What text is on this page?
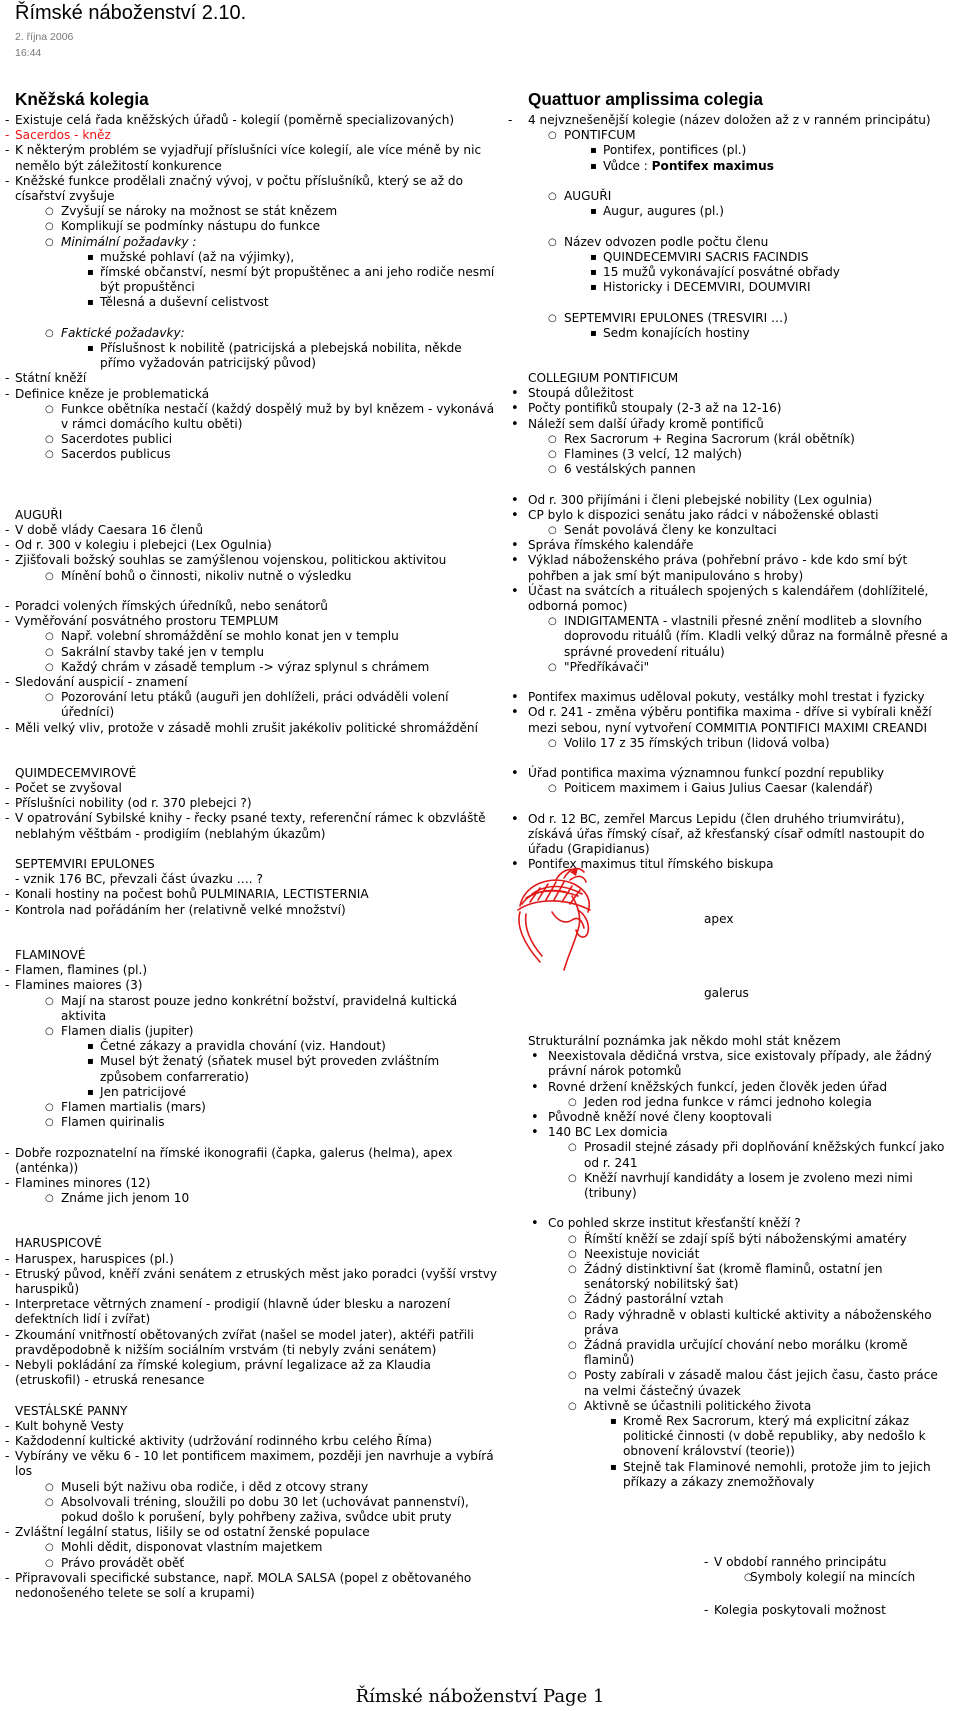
Římské náboženství 2.10.
2. října 2006
16:44
Kněžská kolegia
- Existuje celá řada kněžských úřadů - kolegií (poměrně specializovaných)
- Sacerdos - kněz
- K některým problém se vyjadřují příslušníci více kolegií, ale více méně by nic nemělo být záležitostí konkurence
- Kněžské funkce prodělali značný vývoj, v počtu příslušníků, který se až do císařství zvyšuje
○ Zvyšují se nároky na možnost se stát knězem
○ Komplikují se podmínky nástupu do funkce
○ Minimální požadavky :
▪ mužské pohlaví (až na výjimky),
▪ římské občanství, nesmí být propuštěnec a ani jeho rodiče nesmí být propuštěnci
▪ Tělesná a duševní celistvost
○ Faktické požadavky:
▪ Příslušnost k nobilitě (patricijská a plebejská nobilita, někde přímo vyžadován patricijský původ)
- Státní kněží
- Definice kněze je problematická
○ Funkce obětníka nestačí (každý dospělý muž by byl knězem - vykonává v rámci domácího kultu oběti)
○ Sacerdotes publici
○ Sacerdos publicus
AUGUŘI
- V době vlády Caesara 16 členů
- Od r. 300 v kolegiu i plebejci (Lex Ogulnia)
- Zjišťovali božský souhlas se zamýšlenou vojenskou, politickou aktivitou
○ Mínění bohů o činnosti, nikoliv nutně o výsledku
- Poradci volených římských úředníků, nebo senátorů
- Vyměřování posvátného prostoru TEMPLUM
○ Např. volební shromáždění se mohlo konat jen v templu
○ Sakrální stavby také jen v templu
○ Každý chrám v zásadě templum -> výraz splynul s chrámem
- Sledování auspicií - znamení
○ Pozorování letu ptáků (auguři jen dohlíželi, práci odváděli volení úředníci)
- Měli velký vliv, protože v zásadě mohli zrušit jakékoliv politické shromáždění
QUIMDECEMVIROVÉ
- Počet se zvyšoval
- Příslušníci nobility (od r. 370 plebejci ?)
- V opatrování Sybilské knihy - řecky psané texty, referenční rámec k obzvláště neblahým věštbám - prodigiím (neblahým úkazům)
SEPTEMVIRI EPULONES
- vznik 176 BC, převzali část úvazku …. ?
- Konali hostiny na počest bohů PULMINARIA, LECTISTERNIA
- Kontrola nad pořádáním her (relativně velké množství)
FLAMINOVÉ
- Flamen, flamines (pl.)
- Flamines maiores (3)
○ Mají na starost pouze jedno konkrétní božství, pravidelná kultická aktivita
○ Flamen dialis (jupiter)
▪ Četné zákazy a pravidla chování (viz. Handout)
▪ Musel být ženatý (sňatek musel být proveden zvláštním způsobem confarreratio)
▪ Jen patricijové
○ Flamen martialis (mars)
○ Flamen quirinalis
- Dobře rozpoznatelní na římské ikonografii (čapka, galerus (helma), apex (anténka))
- Flamines minores (12)
○ Známe jich jenom 10
HARUSPICOVÉ
- Haruspex, haruspices (pl.)
- Etruský původ, kněří zváni senátem z etruských měst jako poradci (vyšší vrstvy haruspiků)
- Interpretace větrných znamení - prodigií (hlavně úder blesku a narození defektních lidí i zvířat)
- Zkoumání vnitřností obětovaných zvířat (našel se model jater), aktéři patřili pravděpodobně k nižším sociálním vrstvám (ti nebyly zváni senátem)
- Nebyli pokládání za římské kolegium, právní legalizace až za Klaudia (etruskofil) - etruská renesance
VESTÁLSKÉ PANNY
- Kult bohyně Vesty
- Každodenní kultické aktivity (udržování rodinného krbu celého Říma)
- Vybírány ve věku 6 - 10 let pontificem maximem, později jen navrhuje a vybírá los
○ Museli být naživu oba rodiče, i děd z otcovy strany
○ Absolvovali tréning, sloužili po dobu 30 let (uchovávat pannenství), pokud došlo k porušení, byly pohřbeny zaživa, svůdce ubit pruty
- Zvláštní legální status, lišily se od ostatní ženské populace
○ Mohli dědit, disponovat vlastním majetkem
○ Právo provádět oběť
- Připravovali specifické substance, např. MOLA SALSA (popel z obětovaného nedonošeného telete se solí a krupami)
Quattuor amplissima colegia
- 4 nejvznešenější kolegie (název doložen až z v ranném principátu)
○ PONTIFCUM
▪ Pontifex, pontifices (pl.)
▪ Vůdce : Pontifex maximus
○ AUGUŘI
▪ Augur, augures (pl.)
○ Název odvozen podle počtu členu
▪ QUINDECEMVIRI SACRIS FACINDIS
▪ 15 mužů vykonávající posvátné obřady
▪ Historicky i DECEMVIRI, DOUMVIRI
○ SEPTEMVIRI EPULONES (TRESVIRI …)
▪ Sedm konajících hostiny
COLLEGIUM PONTIFICUM
• Stoupá důležitost
• Počty pontifiků stoupaly (2-3 až na 12-16)
• Náleží sem další úřady kromě pontificů
○ Rex Sacrorum + Regina Sacrorum (král obětník)
○ Flamines (3 velcí, 12 malých)
○ 6 vestálských pannen
• Od r. 300 přijímáni i členi plebejské nobility (Lex ogulnia)
• CP bylo k dispozici senátu jako rádci v náboženské oblasti
○ Senát povolává členy ke konzultaci
• Správa římského kalendáře
• Výklad náboženského práva (pohřební právo - kde kdo smí být pohřben a jak smí být manipulováno s hroby)
• Účast na svátcích a rituálech spojených s kalendářem (dohlížitelé, odborná pomoc)
○ INDIGITAMENTA - vlastnili přesné znění modliteb a slovního doprovodu rituálů (řím. Kladli velký důraz na formálně přesné a správné provedení rituálu)
○ "Předříkávači"
• Pontifex maximus uděloval pokuty, vestálky mohl trestat i fyzicky
• Od r. 241 - změna výběru pontifika maxima - dříve si vybírali kněží mezi sebou, nyní vytvoření COMMITIA PONTIFICI MAXIMI CREANDI
○ Volilo 17 z 35 římských tribun (lidová volba)
• Úřad pontifica maxima významnou funkcí pozdní republiky
○ Poiticem maximem i Gaius Julius Caesar (kalendář)
• Od r. 12 BC, zemřel Marcus Lepidu (člen druhého triumvirátu), získává úřas římský císař, až křesťanský císař odmítl nastoupit do úřadu (Grapidianus)
• Pontifex maximus titul římského biskupa
apex
galerus
Strukturální poznámka jak někdo mohl stát knězem
• Neexistovala dědičná vrstva, sice existovaly případy, ale žádný právní nárok potomků
• Rovné držení kněžských funkcí, jeden člověk jeden úřad
○ Jeden rod jedna funkce v rámci jednoho kolegia
• Původně kněží nové členy kooptovali
• 140 BC Lex domicia
○ Prosadil stejné zásady při doplňování kněžských funkcí jako od r. 241
○ Kněží navrhují kandidáty a losem je zvoleno mezi nimi (tribuny)
• Co pohled skrze institut křesťanští kněží ?
○ Římští kněží se zdají spíš býti náboženskými amatéry
○ Neexistuje noviciát
○ Žádný distinktivní šat (kromě flaminů, ostatní jen senátorský nobilitský šat)
○ Žádný pastorální vztah
○ Rady výhradně v oblasti kultické aktivity a náboženského práva
○ Žádná pravidla určující chování nebo morálku (kromě flaminů)
○ Posty zabírali v zásadě malou část jejich času, často práce na velmi částečný úvazek
○ Aktivně se účastnili politického života
▪ Kromě Rex Sacrorum, který má explicitní zákaz politické činnosti (v době republiky, aby nedošlo k obnovení království (teorie))
▪ Stejně tak Flaminové nemohli, protože jim to jejich příkazy a zákazy znemožňovaly
- V období ranného principátu
○ Symboly kolegií na mincích
- Kolegia poskytovali možnost
Římské náboženství Page 1
